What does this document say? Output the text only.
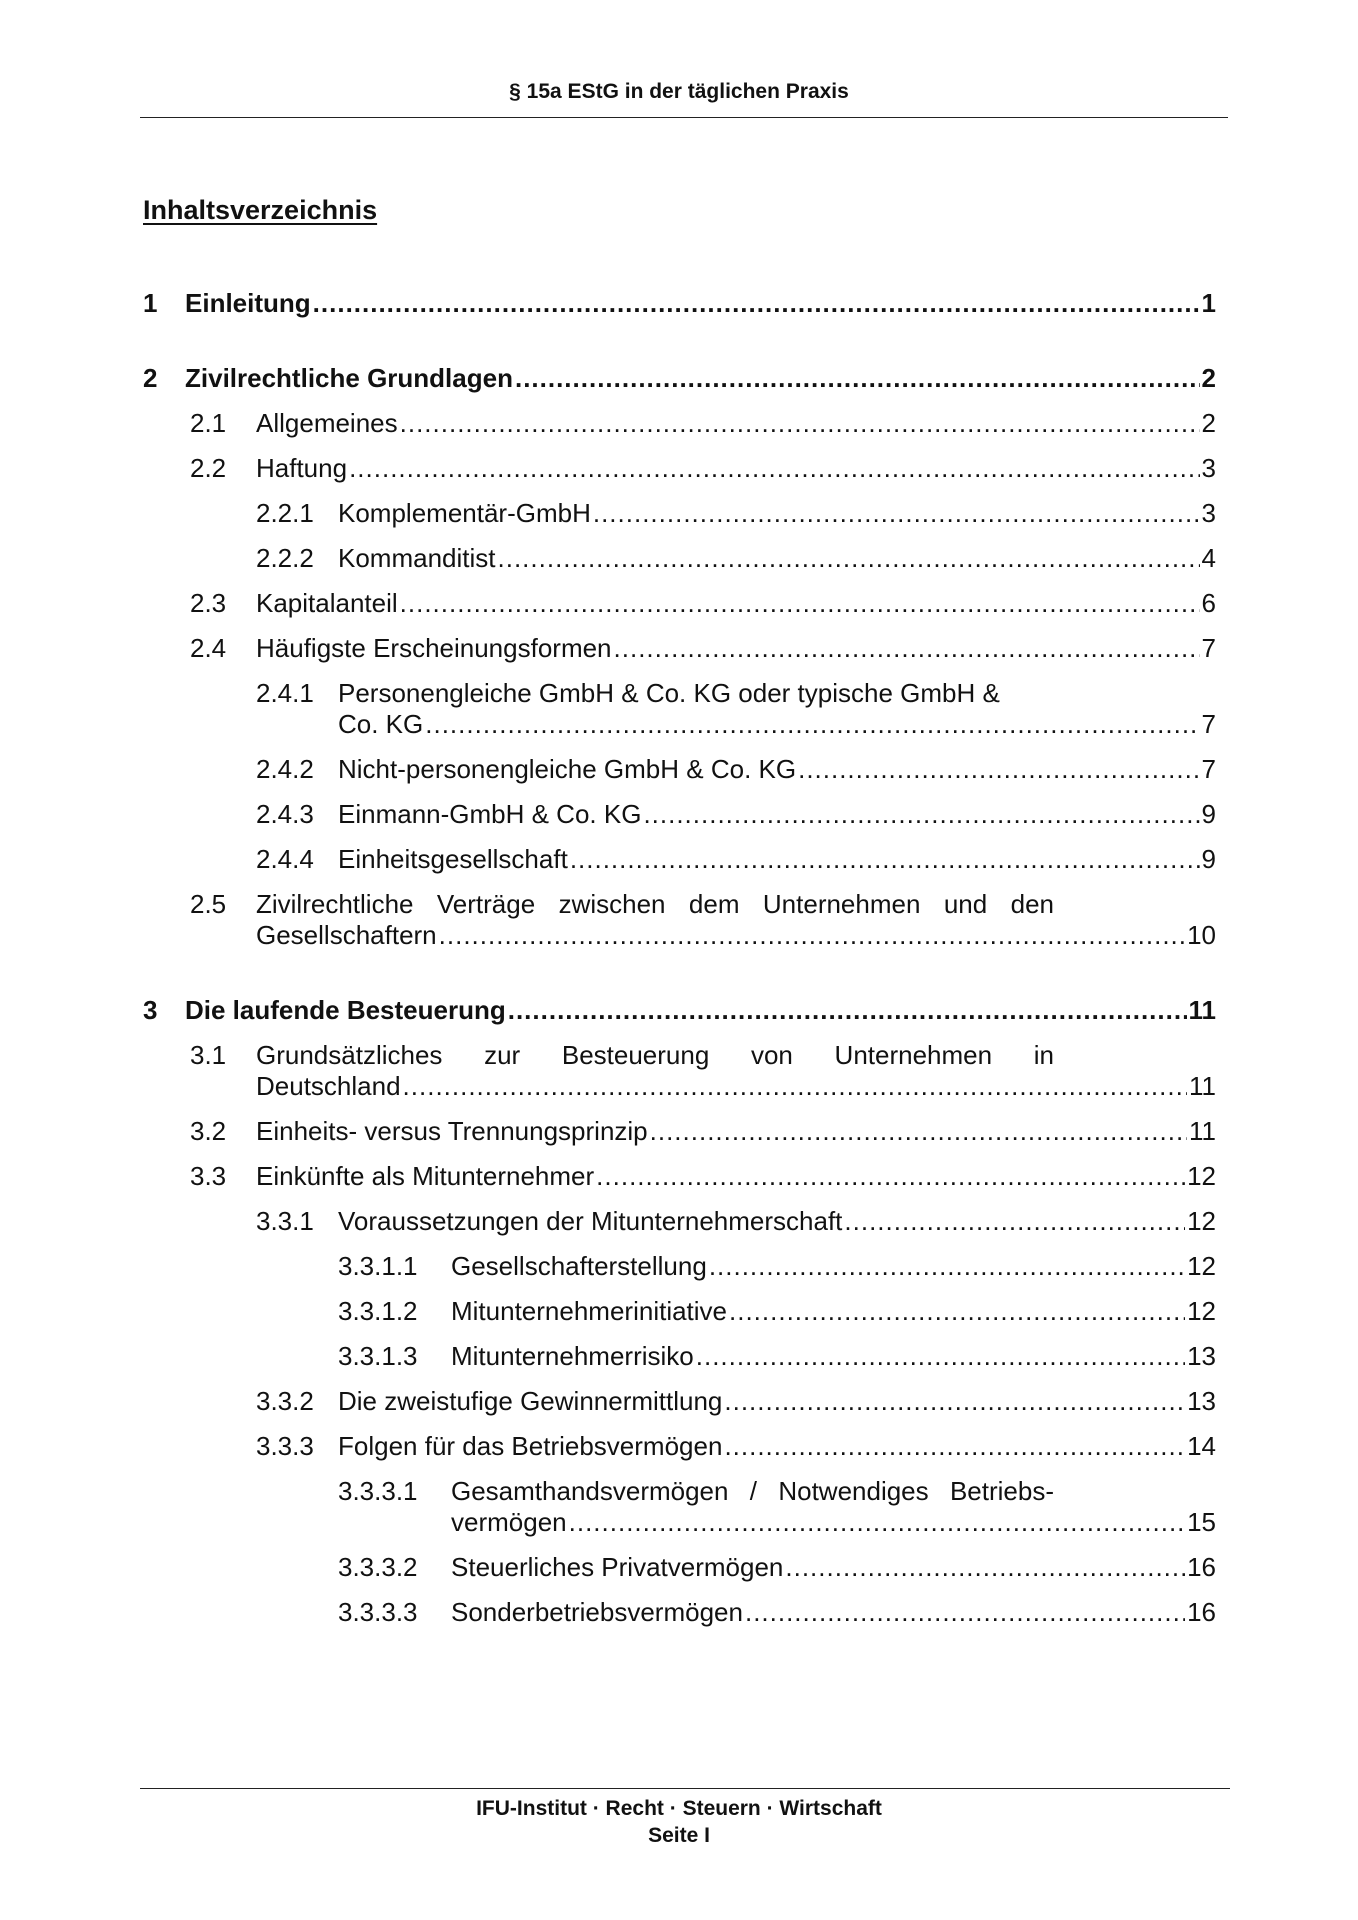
§ 15a EStG in der täglichen Praxis
Inhaltsverzeichnis
1 Einleitung .....	1
2 Zivilrechtliche Grundlagen .....	2
2.1 Allgemeines .....	2
2.2 Haftung .....	3
2.2.1 Komplementär-GmbH .....	3
2.2.2 Kommanditist .....	4
2.3 Kapitalanteil .....	6
2.4 Häufigste Erscheinungsformen .....	7
2.4.1 Personengleiche GmbH & Co. KG oder typische GmbH &
Co. KG .....	7
2.4.2 Nicht-personengleiche GmbH & Co. KG .....	7
2.4.3 Einmann-GmbH & Co. KG .....	9
2.4.4 Einheitsgesellschaft .....	9
2.5 Zivilrechtliche Verträge zwischen dem Unternehmen und den
Gesellschaftern .....	10
3 Die laufende Besteuerung .....	11
3.1 Grundsätzliches zur Besteuerung von Unternehmen in
Deutschland .....	11
3.2 Einheits- versus Trennungsprinzip .....	11
3.3 Einkünfte als Mitunternehmer .....	12
3.3.1 Voraussetzungen der Mitunternehmerschaft .....	12
3.3.1.1 Gesellschafterstellung .....	12
3.3.1.2 Mitunternehmerinitiative .....	12
3.3.1.3 Mitunternehmerrisiko .....	13
3.3.2 Die zweistufige Gewinnermittlung .....	13
3.3.3 Folgen für das Betriebsvermögen .....	14
3.3.3.1 Gesamthandsvermögen / Notwendiges Betriebs-
vermögen .....	15
3.3.3.2 Steuerliches Privatvermögen .....	16
3.3.3.3 Sonderbetriebsvermögen .....	16
IFU-Institut · Recht · Steuern · Wirtschaft
Seite I
